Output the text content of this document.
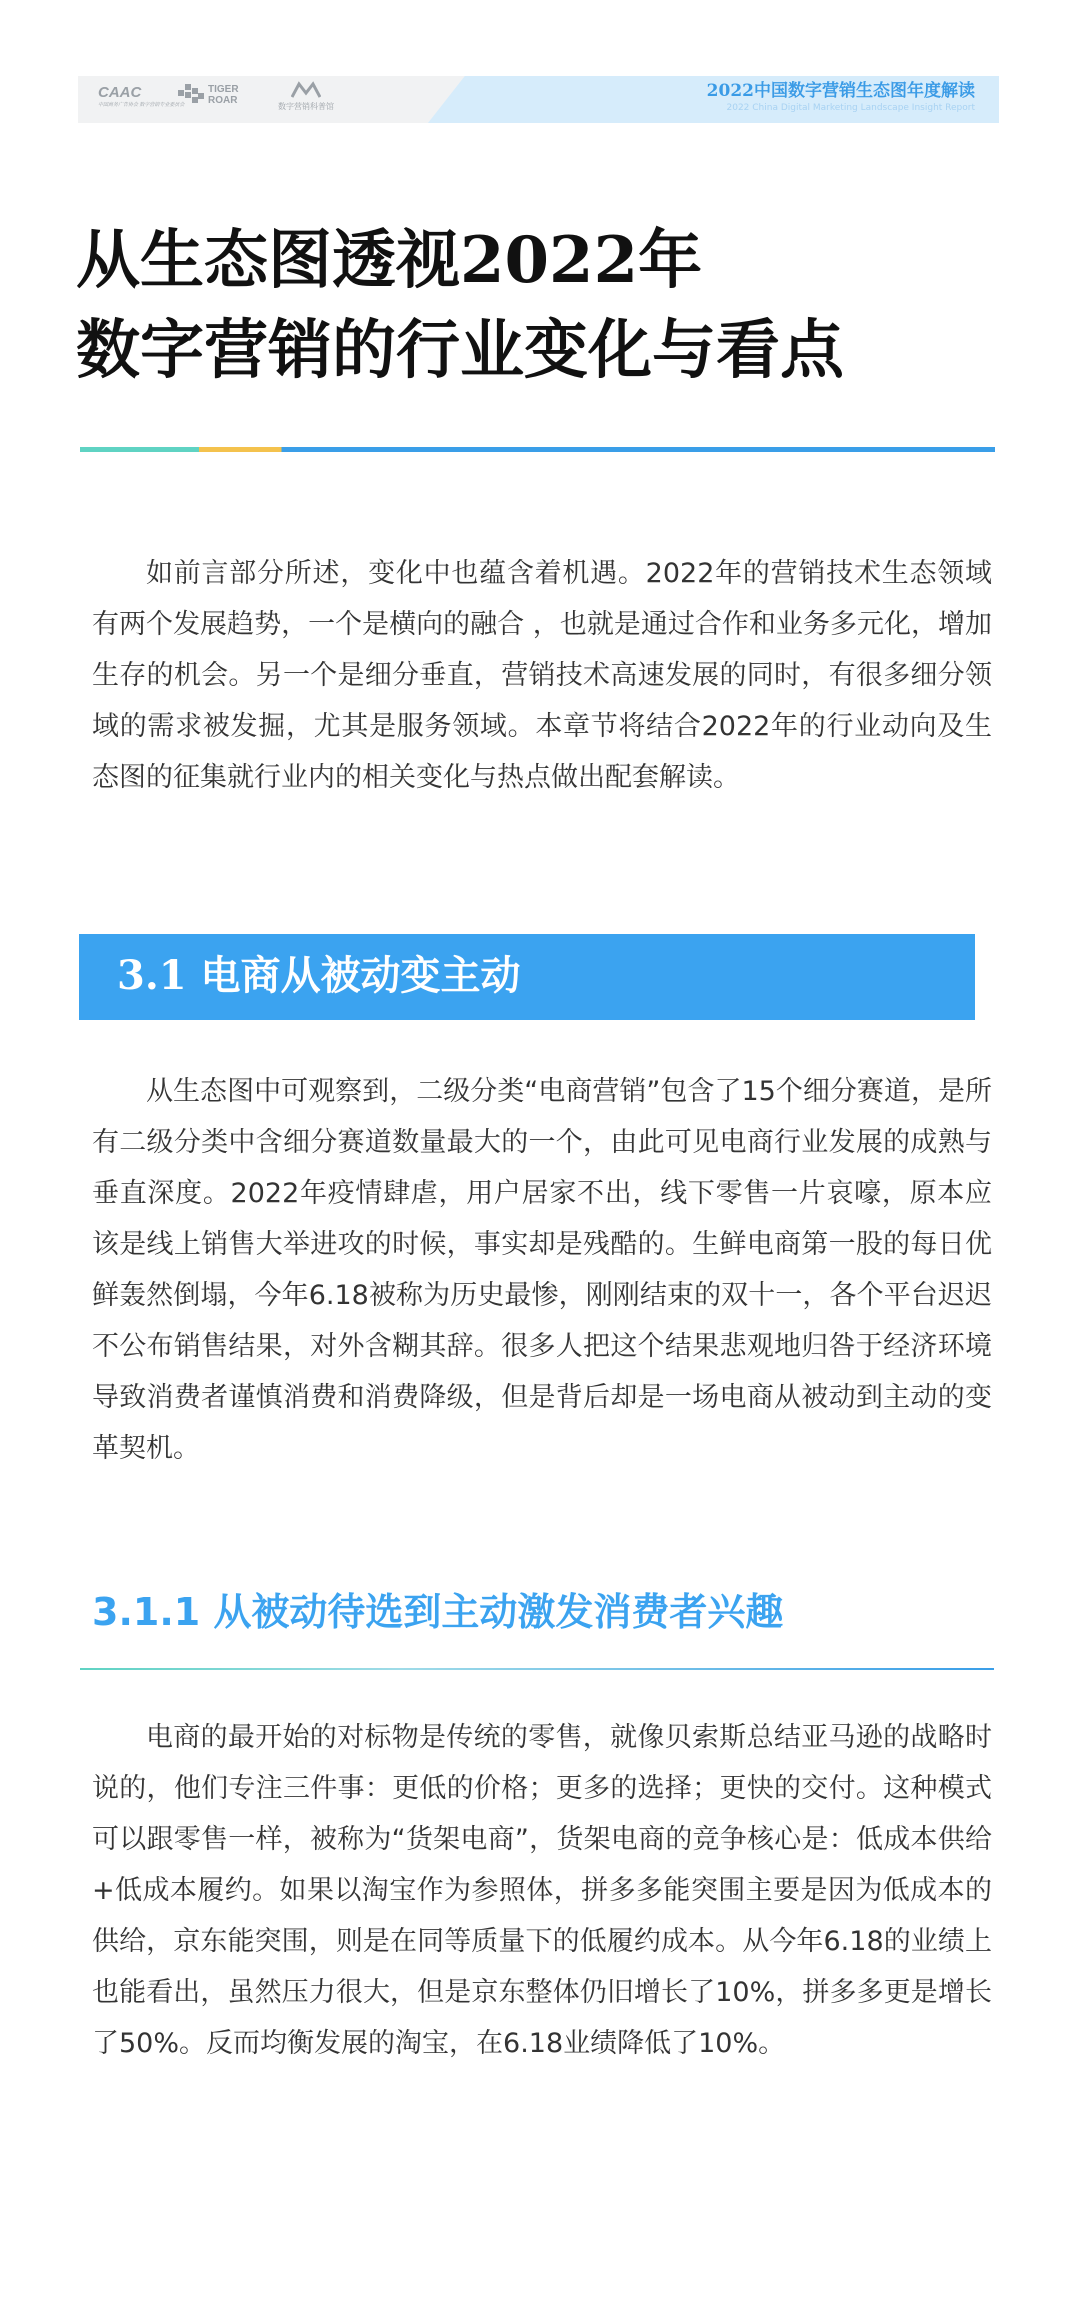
CAAC
中国商务广告协会 数字营销专业委员会
TIGER
ROAR
数字营销科普馆
2022中国数字营销生态图年度解读
2022 China Digital Marketing Landscape Insight Report
从生态图透视2022年
数字营销的行业变化与看点

如前言部分所述，变化中也蕴含着机遇。2022年的营销技术生态领域有两个发展趋势，一个是横向的融合 ，也就是通过合作和业务多元化，增加生存的机会。另一个是细分垂直，营销技术高速发展的同时，有很多细分领域的需求被发掘，尤其是服务领域。本章节将结合2022年的行业动向及生态图的征集就行业内的相关变化与热点做出配套解读。

3.1 电商从被动变主动

从生态图中可观察到，二级分类“电商营销”包含了15个细分赛道，是所有二级分类中含细分赛道数量最大的一个，由此可见电商行业发展的成熟与垂直深度。2022年疫情肆虐，用户居家不出，线下零售一片哀嚎，原本应该是线上销售大举进攻的时候，事实却是残酷的。生鲜电商第一股的每日优鲜轰然倒塌，今年6.18被称为历史最惨，刚刚结束的双十一，各个平台迟迟不公布销售结果，对外含糊其辞。很多人把这个结果悲观地归咎于经济环境导致消费者谨慎消费和消费降级，但是背后却是一场电商从被动到主动的变革契机。

3.1.1 从被动待选到主动激发消费者兴趣

电商的最开始的对标物是传统的零售，就像贝索斯总结亚马逊的战略时说的，他们专注三件事：更低的价格；更多的选择；更快的交付。这种模式可以跟零售一样，被称为“货架电商”，货架电商的竞争核心是：低成本供给+低成本履约。如果以淘宝作为参照体，拼多多能突围主要是因为低成本的供给，京东能突围，则是在同等质量下的低履约成本。从今年6.18的业绩上也能看出，虽然压力很大，但是京东整体仍旧增长了10%，拼多多更是增长了50%。反而均衡发展的淘宝，在6.18业绩降低了10%。
